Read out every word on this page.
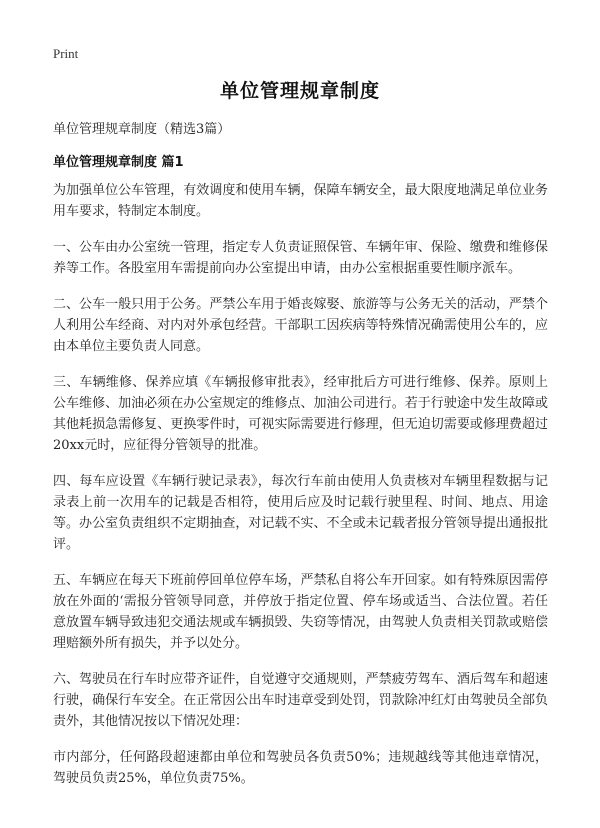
Print
单位管理规章制度
单位管理规章制度（精选3篇）
单位管理规章制度 篇1

为加强单位公车管理，有效调度和使用车辆，保障车辆安全，最大限度地满足单位业务用车要求，特制定本制度。

一、公车由办公室统一管理，指定专人负责证照保管、车辆年审、保险、缴费和维修保养等工作。各股室用车需提前向办公室提出申请，由办公室根据重要性顺序派车。

二、公车一般只用于公务。严禁公车用于婚丧嫁娶、旅游等与公务无关的活动，严禁个人利用公车经商、对内对外承包经营。干部职工因疾病等特殊情况确需使用公车的，应由本单位主要负责人同意。

三、车辆维修、保养应填《车辆报修审批表》，经审批后方可进行维修、保养。原则上公车维修、加油必须在办公室规定的维修点、加油公司进行。若于行驶途中发生故障或其他耗损急需修复、更换零件时，可视实际需要进行修理，但无迫切需要或修理费超过20xx元时，应征得分管领导的批准。

四、每车应设置《车辆行驶记录表》，每次行车前由使用人负责核对车辆里程数据与记录表上前一次用车的记载是否相符，使用后应及时记载行驶里程、时间、地点、用途等。办公室负责组织不定期抽查，对记载不实、不全或未记载者报分管领导提出通报批评。

五、车辆应在每天下班前停回单位停车场，严禁私自将公车开回家。如有特殊原因需停放在外面的‘需报分管领导同意，并停放于指定位置、停车场或适当、合法位置。若任意放置车辆导致违犯交通法规或车辆损毁、失窃等情况，由驾驶人负责相关罚款或赔偿理赔额外所有损失，并予以处分。

六、驾驶员在行车时应带齐证件，自觉遵守交通规则，严禁疲劳驾车、酒后驾车和超速行驶，确保行车安全。在正常因公出车时违章受到处罚，罚款除冲红灯由驾驶员全部负责外，其他情况按以下情况处理：

市内部分，任何路段超速都由单位和驾驶员各负责50%；违规越线等其他违章情况，驾驶员负责25%，单位负责75%。
